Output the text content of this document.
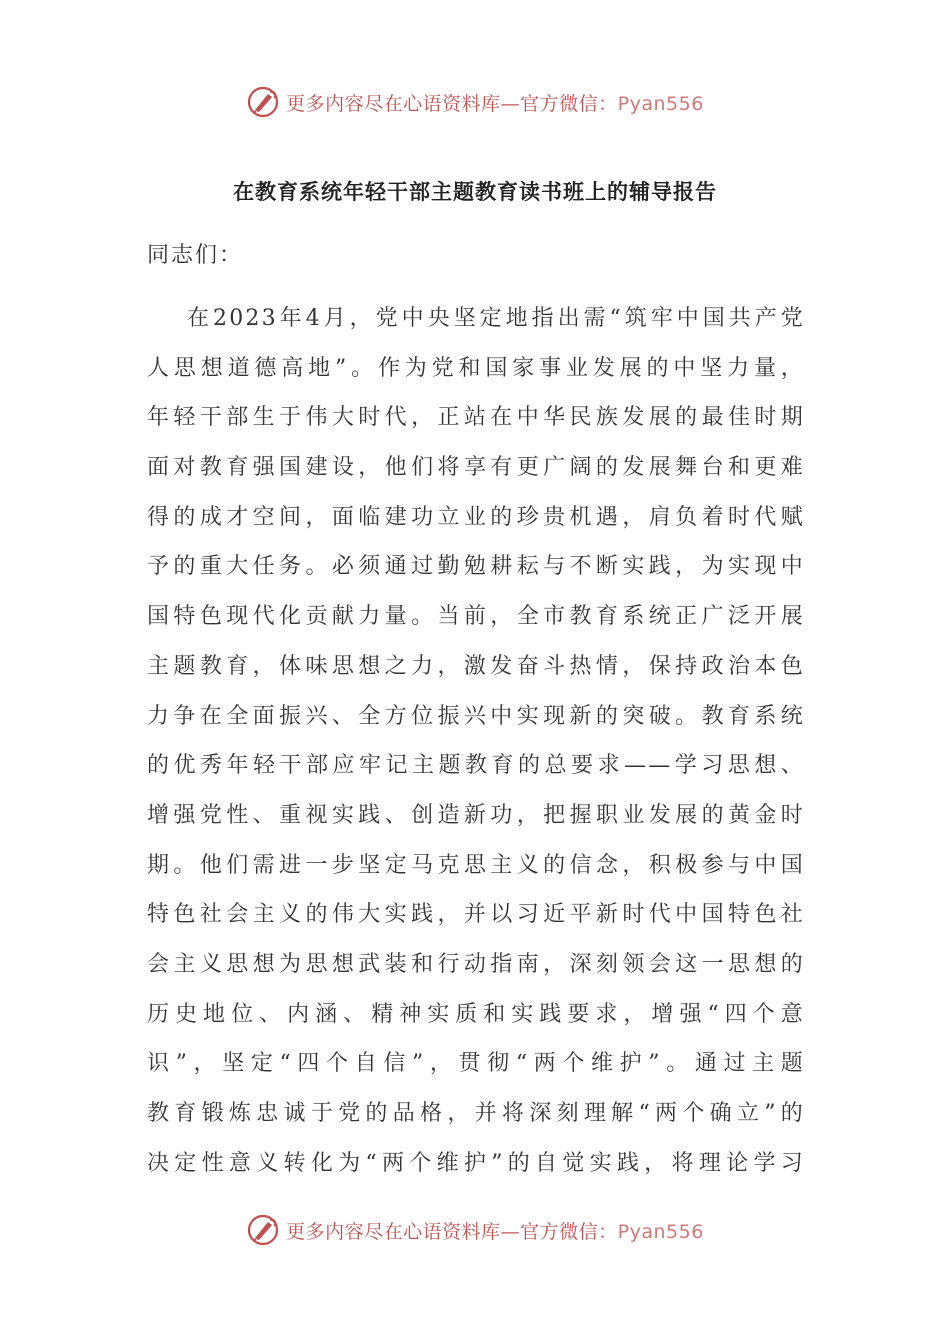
更多内容尽在心语资料库—官方微信：Pyan556
在教育系统年轻干部主题教育读书班上的辅导报告
同志们：
在2023年4月，党中央坚定地指出需“筑牢中国共产党
人思想道德高地”。作为党和国家事业发展的中坚力量，
年轻干部生于伟大时代，正站在中华民族发展的最佳时期
面对教育强国建设，他们将享有更广阔的发展舞台和更难
得的成才空间，面临建功立业的珍贵机遇，肩负着时代赋
予的重大任务。必须通过勤勉耕耘与不断实践，为实现中
国特色现代化贡献力量。当前，全市教育系统正广泛开展
主题教育，体味思想之力，激发奋斗热情，保持政治本色
力争在全面振兴、全方位振兴中实现新的突破。教育系统
的优秀年轻干部应牢记主题教育的总要求——学习思想、
增强党性、重视实践、创造新功，把握职业发展的黄金时
期。他们需进一步坚定马克思主义的信念，积极参与中国
特色社会主义的伟大实践，并以习近平新时代中国特色社
会主义思想为思想武装和行动指南，深刻领会这一思想的
历史地位、内涵、精神实质和实践要求，增强“四个意
识”，坚定“四个自信”，贯彻“两个维护”。通过主题
教育锻炼忠诚于党的品格，并将深刻理解“两个确立”的
决定性意义转化为“两个维护”的自觉实践，将理论学习
更多内容尽在心语资料库—官方微信：Pyan556
